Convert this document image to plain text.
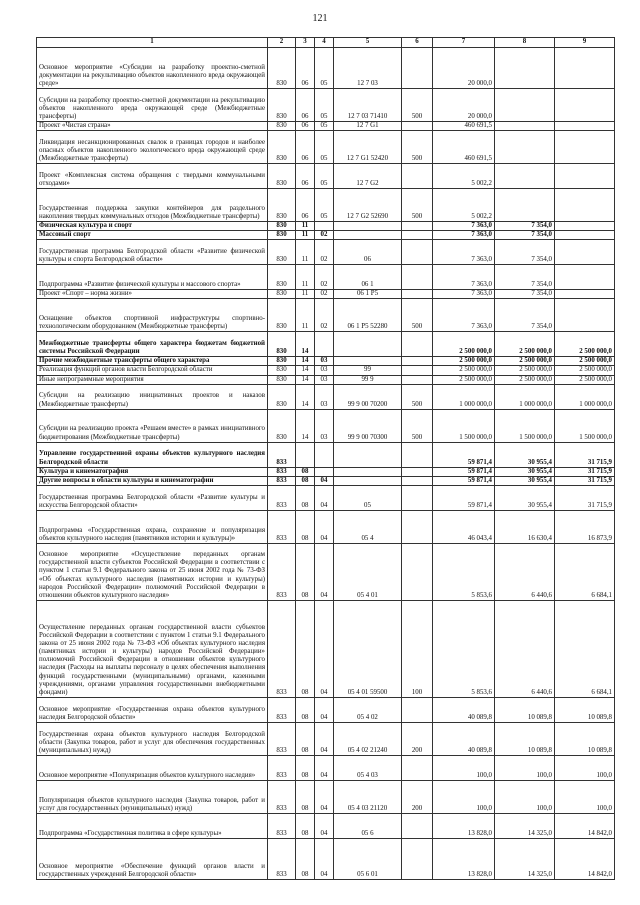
121
1	2	3	4	5	6	7	8	9
Основное мероприятие «Субсидии на разработку проектно-сметной документации на рекультивацию объектов накопленного вреда окружающей среде»	830	06	05	12 7 03		20 000,0		
Субсидии на разработку проектно-сметной документации на рекультивацию объектов накопленного вреда окружающей среде (Межбюджетные трансферты)	830	06	05	12 7 03 71410	500	20 000,0		
Проект «Чистая страна»	830	06	05	12 7 G1		460 691,5		
Ликвидация несанкционированных свалок в границах городов и наиболее опасных объектов накопленного экологического вреда окружающей среде (Межбюджетные трансферты)	830	06	05	12 7 G1 52420	500	460 691,5		
Проект «Комплексная система обращения с твердыми коммунальными отходами»	830	06	05	12 7 G2		5 002,2		
Государственная поддержка закупки контейнеров для раздельного накопления твердых коммунальных отходов (Межбюджетные трансферты)	830	06	05	12 7 G2 52690	500	5 002,2		
Физическая культура и спорт	830	11				7 363,0	7 354,0	
Массовый спорт	830	11	02			7 363,0	7 354,0	
Государственная программа Белгородской области «Развитие физической культуры и спорта Белгородской области»	830	11	02	06		7 363,0	7 354,0	
Подпрограмма «Развитие физической культуры и массового спорта»	830	11	02	06 1		7 363,0	7 354,0	
Проект «Спорт – норма жизни»	830	11	02	06 1 P5		7 363,0	7 354,0	
Оснащение объектов спортивной инфраструктуры спортивно-технологическим оборудованием (Межбюджетные трансферты)	830	11	02	06 1 P5 52280	500	7 363,0	7 354,0	
Межбюджетные трансферты общего характера бюджетам бюджетной системы Российской Федерации	830	14				2 500 000,0	2 500 000,0	2 500 000,0
Прочие межбюджетные трансферты общего характера	830	14	03			2 500 000,0	2 500 000,0	2 500 000,0
Реализация функций органов власти Белгородской области	830	14	03	99		2 500 000,0	2 500 000,0	2 500 000,0
Иные непрограммные мероприятия	830	14	03	99 9		2 500 000,0	2 500 000,0	2 500 000,0
Субсидии на реализацию инициативных проектов и наказов (Межбюджетные трансферты)	830	14	03	99 9 00 70200	500	1 000 000,0	1 000 000,0	1 000 000,0
Субсидии на реализацию проекта «Решаем вместе» в рамках инициативного бюджетирования (Межбюджетные трансферты)	830	14	03	99 9 00 70300	500	1 500 000,0	1 500 000,0	1 500 000,0
Управление государственной охраны объектов культурного наследия Белгородской области	833					59 871,4	30 955,4	31 715,9
Культура и кинематография	833	08				59 871,4	30 955,4	31 715,9
Другие вопросы в области культуры и кинематографии	833	08	04			59 871,4	30 955,4	31 715,9
Государственная программа Белгородской области «Развитие культуры и искусства Белгородской области»	833	08	04	05		59 871,4	30 955,4	31 715,9
Подпрограмма «Государственная охрана, сохранение и популяризация объектов культурного наследия (памятников истории и культуры)»	833	08	04	05 4		46 043,4	16 630,4	16 873,9
Основное мероприятие «Осуществление переданных органам государственной власти субъектов Российской Федерации в соответствии с пунктом 1 статьи 9.1 Федерального закона от 25 июня 2002 года № 73-ФЗ «Об объектах культурного наследия (памятниках истории и культуры) народов Российской Федерации» полномочий Российской Федерации в отношении объектов культурного наследия»	833	08	04	05 4 01		5 853,6	6 440,6	6 684,1
Осуществление переданных органам государственной власти субъектов Российской Федерации в соответствии с пунктом 1 статьи 9.1 Федерального закона от 25 июня 2002 года № 73-ФЗ «Об объектах культурного наследия (памятниках истории и культуры) народов Российской Федерации» полномочий Российской Федерации в отношении объектов культурного наследия (Расходы на выплаты персоналу в целях обеспечения выполнения функций государственными (муниципальными) органами, казенными учреждениями, органами управления государственными внебюджетными фондами)	833	08	04	05 4 01 59500	100	5 853,6	6 440,6	6 684,1
Основное мероприятие «Государственная охрана объектов культурного наследия Белгородской области»	833	08	04	05 4 02		40 089,8	10 089,8	10 089,8
Государственная охрана объектов культурного наследия Белгородской области (Закупка товаров, работ и услуг для обеспечения государственных (муниципальных) нужд)	833	08	04	05 4 02 21240	200	40 089,8	10 089,8	10 089,8
Основное мероприятие «Популяризация объектов культурного наследия»	833	08	04	05 4 03		100,0	100,0	100,0
Популяризация объектов культурного наследия (Закупка товаров, работ и услуг для государственных (муниципальных) нужд)	833	08	04	05 4 03 21120	200	100,0	100,0	100,0
Подпрограмма «Государственная политика в сфере культуры»	833	08	04	05 6		13 828,0	14 325,0	14 842,0
Основное мероприятие «Обеспечение функций органов власти и государственных учреждений Белгородской области»	833	08	04	05 6 01		13 828,0	14 325,0	14 842,0
